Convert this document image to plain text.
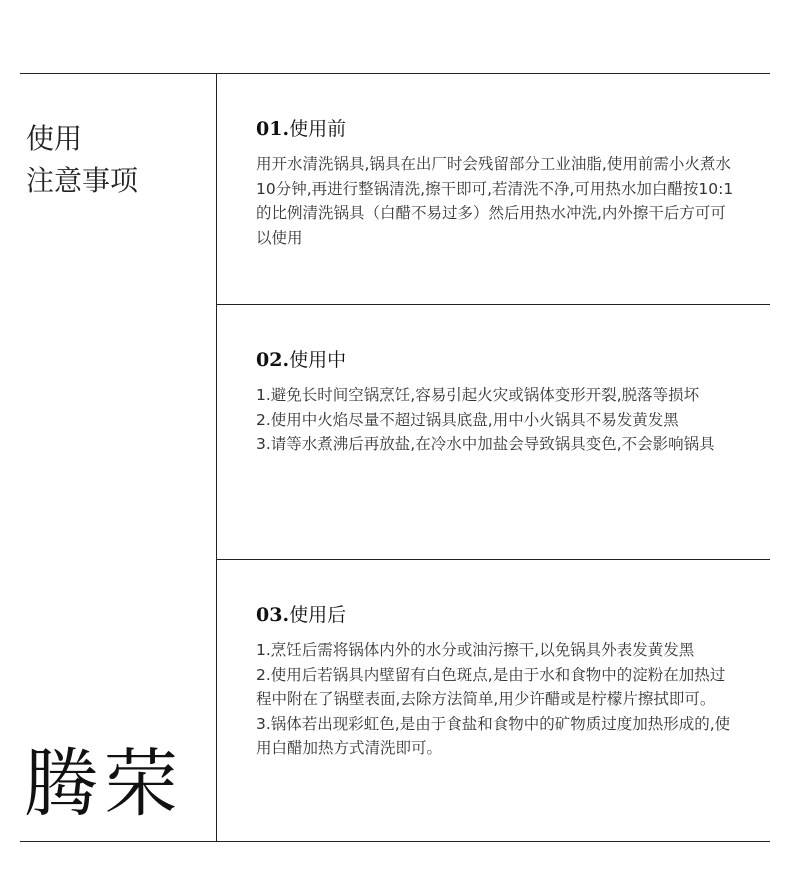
使用
注意事项
腾荣
01.使用前

用开水清洗锅具,锅具在出厂时会残留部分工业油脂,使用前需小火煮水10分钟,再进行整锅清洗,擦干即可,若清洗不净,可用热水加白醋按10:1的比例清洗锅具（白醋不易过多）然后用热水冲洗,内外擦干后方可可以使用

02.使用中

1.避免长时间空锅烹饪,容易引起火灾或锅体变形开裂,脱落等损坏

2.使用中火焰尽量不超过锅具底盘,用中小火锅具不易发黄发黑

3.请等水煮沸后再放盐,在冷水中加盐会导致锅具变色,不会影响锅具

03.使用后

1.烹饪后需将锅体内外的水分或油污擦干,以免锅具外表发黄发黑

2.使用后若锅具内壁留有白色斑点,是由于水和食物中的淀粉在加热过程中附在了锅壁表面,去除方法简单,用少许醋或是柠檬片擦拭即可。

3.锅体若出现彩虹色,是由于食盐和食物中的矿物质过度加热形成的,使用白醋加热方式清洗即可。
